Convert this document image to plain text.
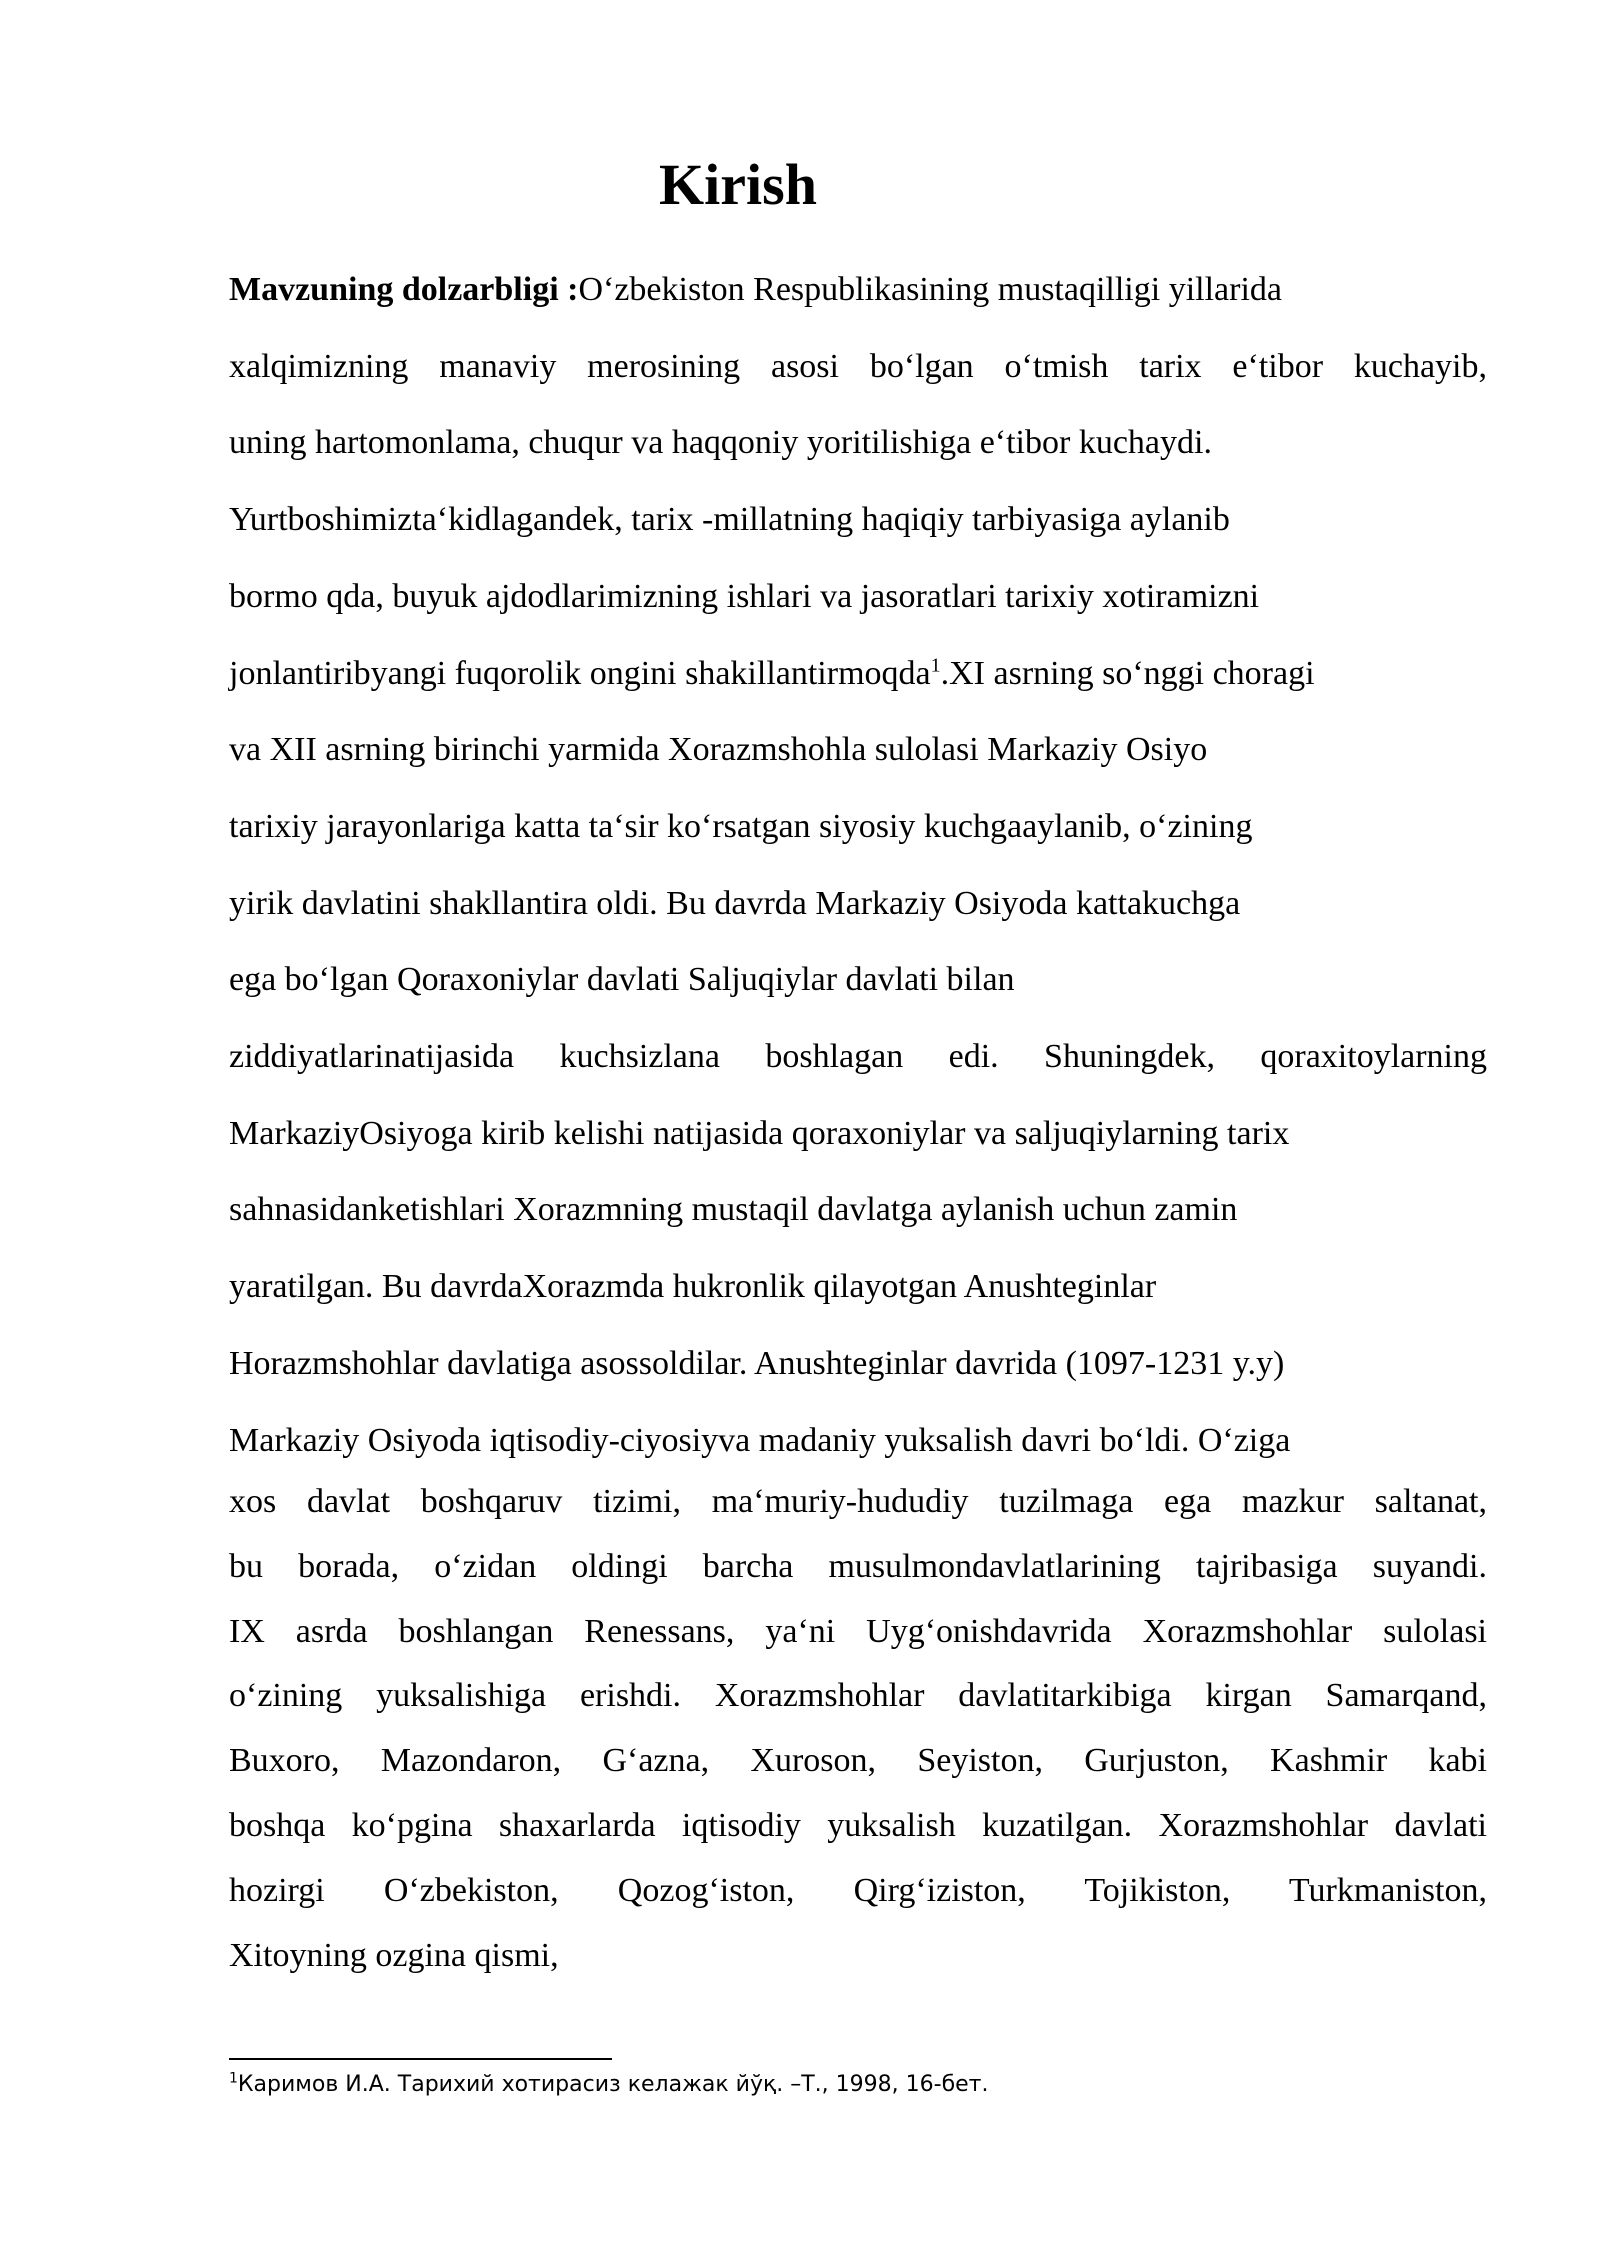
Kirish
Mavzuning dolzarbligi :O‘zbekiston Respublikasining mustaqilligi yillarida
xalqimizning manaviy merosining asosi bo‘lgan o‘tmish tarix e‘tibor kuchayib,
uning hartomonlama, chuqur va haqqoniy yoritilishiga e‘tibor kuchaydi.
Yurtboshimizta‘kidlagandek, tarix -millatning haqiqiy tarbiyasiga aylanib
bormo qda, buyuk ajdodlarimizning ishlari va jasoratlari tarixiy xotiramizni
jonlantiribyangi fuqorolik ongini shakillantirmoqda$^1$.XI asrning so‘nggi choragi
va XII asrning birinchi yarmida Xorazmshohla sulolasi Markaziy Osiyo
tarixiy jarayonlariga katta ta‘sir ko‘rsatgan siyosiy kuchgaaylanib, o‘zining
yirik davlatini shakllantira oldi. Bu davrda Markaziy Osiyoda kattakuchga
ega bo‘lgan Qoraxoniylar davlati Saljuqiylar davlati bilan
ziddiyatlarinatijasida kuchsizlana boshlagan edi. Shuningdek, qoraxitoylarning
MarkaziyOsiyoga kirib kelishi natijasida qoraxoniylar va saljuqiylarning tarix
sahnasidanketishlari Xorazmning mustaqil davlatga aylanish uchun zamin
yaratilgan. Bu davrdaXorazmda hukronlik qilayotgan Anushteginlar
Horazmshohlar davlatiga asossoldilar. Anushteginlar davrida (1097-1231 y.y)
Markaziy Osiyoda iqtisodiy-ciyosiyva madaniy yuksalish davri bo‘ldi. O‘ziga
xos davlat boshqaruv tizimi, ma‘muriy-hududiy tuzilmaga ega mazkur saltanat,
bu borada, o‘zidan oldingi barcha musulmondavlatlarining tajribasiga suyandi.
IX asrda boshlangan Renessans, ya‘ni Uyg‘onishdavrida Xorazmshohlar sulolasi
o‘zining yuksalishiga erishdi. Xorazmshohlar davlatitarkibiga kirgan Samarqand,
Buxoro, Mazondaron, G‘azna, Xuroson, Seyiston, Gurjuston, Kashmir kabi
boshqa ko‘pgina shaxarlarda iqtisodiy yuksalish kuzatilgan. Xorazmshohlar davlati
hozirgi O‘zbekiston, Qozog‘iston, Qirg‘iziston, Tojikiston, Turkmaniston,
Xitoyning ozgina qismi,
$^1$Каримов И.А. Тарихий хотирасиз келажак йўқ. –Т., 1998, 16-бет.
